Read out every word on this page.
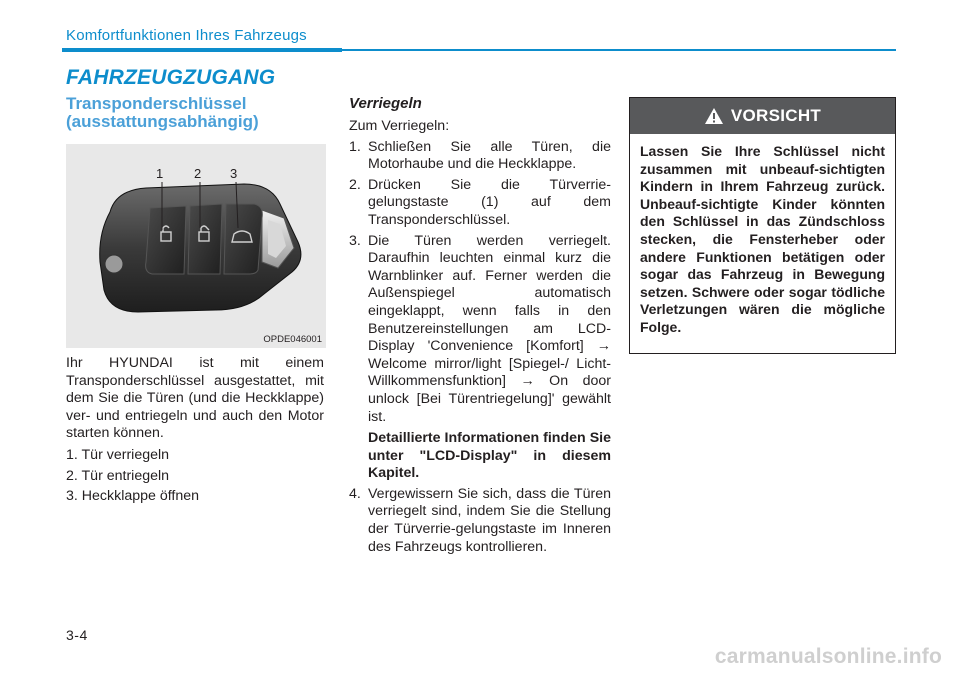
Komfortfunktionen Ihres Fahrzeugs
FAHRZEUGZUGANG
Transponderschlüssel
(ausstattungsabhängig)
1 2 3
OPDE046001

Ihr HYUNDAI ist mit einem Transponderschlüssel ausgestattet, mit dem Sie die Türen (und die Heckklappe) ver- und entriegeln und auch den Motor starten können.

1. Tür verriegeln

2. Tür entriegeln

3. Heckklappe öffnen

Verriegeln

Zum Verriegeln:

1. Schließen Sie alle Türen, die Motorhaube und die Heckklappe.
2. Drücken Sie die Türverrie-gelungstaste (1) auf dem Transponderschlüssel.
3. Die Türen werden verriegelt. Daraufhin leuchten einmal kurz die Warnblinker auf. Ferner werden die Außenspiegel automatisch eingeklappt, wenn falls in den Benutzereinstellungen am LCD-Display 'Convenience [Komfort] → Welcome mirror/light [Spiegel-/ Licht-Willkommensfunktion] → On door unlock [Bei Türentriegelung]' gewählt ist.

Detaillierte Informationen finden Sie unter "LCD-Display" in diesem Kapitel.

4. Vergewissern Sie sich, dass die Türen verriegelt sind, indem Sie die Stellung der Türverrie-gelungstaste im Inneren des Fahrzeugs kontrollieren.
VORSICHT
Lassen Sie Ihre Schlüssel nicht zusammen mit unbeauf-sichtigten Kindern in Ihrem Fahrzeug zurück. Unbeauf-sichtigte Kinder könnten den Schlüssel in das Zündschloss stecken, die Fensterheber oder andere Funktionen betätigen oder sogar das Fahrzeug in Bewegung setzen. Schwere oder sogar tödliche Verletzungen wären die mögliche Folge.
3-4
carmanualsonline.info
